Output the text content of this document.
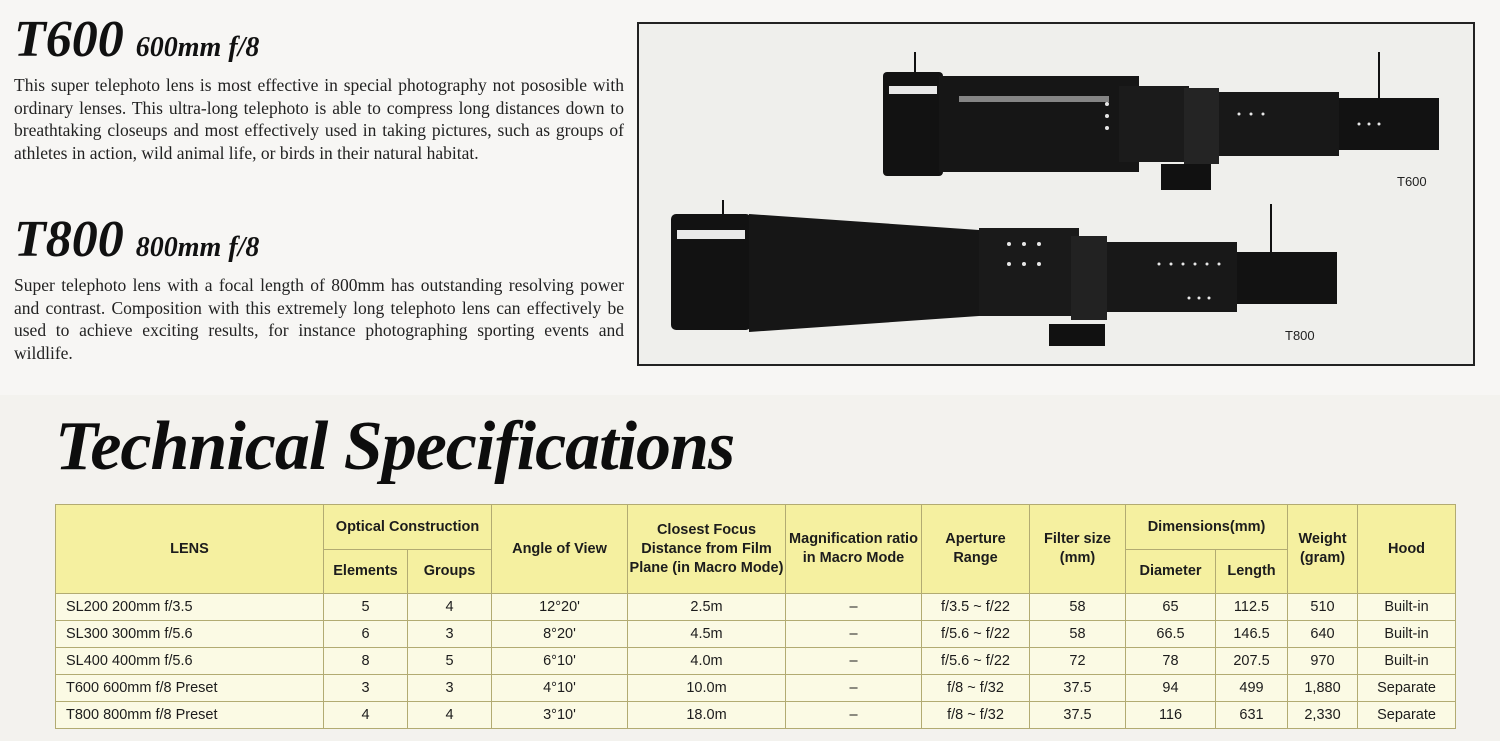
T600 600mm f/8

This super telephoto lens is most effective in special photography not pososible with ordinary lenses. This ultra-long telephoto is able to compress long distances down to breathtaking closeups and most effectively used in taking pictures, such as groups of athletes in action, wild animal life, or birds in their natural habitat.

T800 800mm f/8

Super telephoto lens with a focal length of 800mm has outstanding resolving power and contrast. Composition with this extremely long telephoto lens can effectively be used to achieve exciting results, for instance photographing sporting events and wildlife.

T600
T800
Technical Specifications
LENS	Optical Construction		Angle of View	Closest Focus Distance from Film Plane (in Macro Mode)	Magnification ratio in Macro Mode	Aperture Range	Filter size (mm)	Dimensions(mm)		Weight (gram)	Hood
	Elements	Groups						Diameter	Length		
SL200 200mm f/3.5	5	4	12°20'	2.5m	–	f/3.5 ~ f/22	58	65	112.5	510	Built-in
SL300 300mm f/5.6	6	3	8°20'	4.5m	–	f/5.6 ~ f/22	58	66.5	146.5	640	Built-in
SL400 400mm f/5.6	8	5	6°10'	4.0m	–	f/5.6 ~ f/22	72	78	207.5	970	Built-in
T600 600mm f/8 Preset	3	3	4°10'	10.0m	–	f/8 ~ f/32	37.5	94	499	1,880	Separate
T800 800mm f/8 Preset	4	4	3°10'	18.0m	–	f/8 ~ f/32	37.5	116	631	2,330	Separate
